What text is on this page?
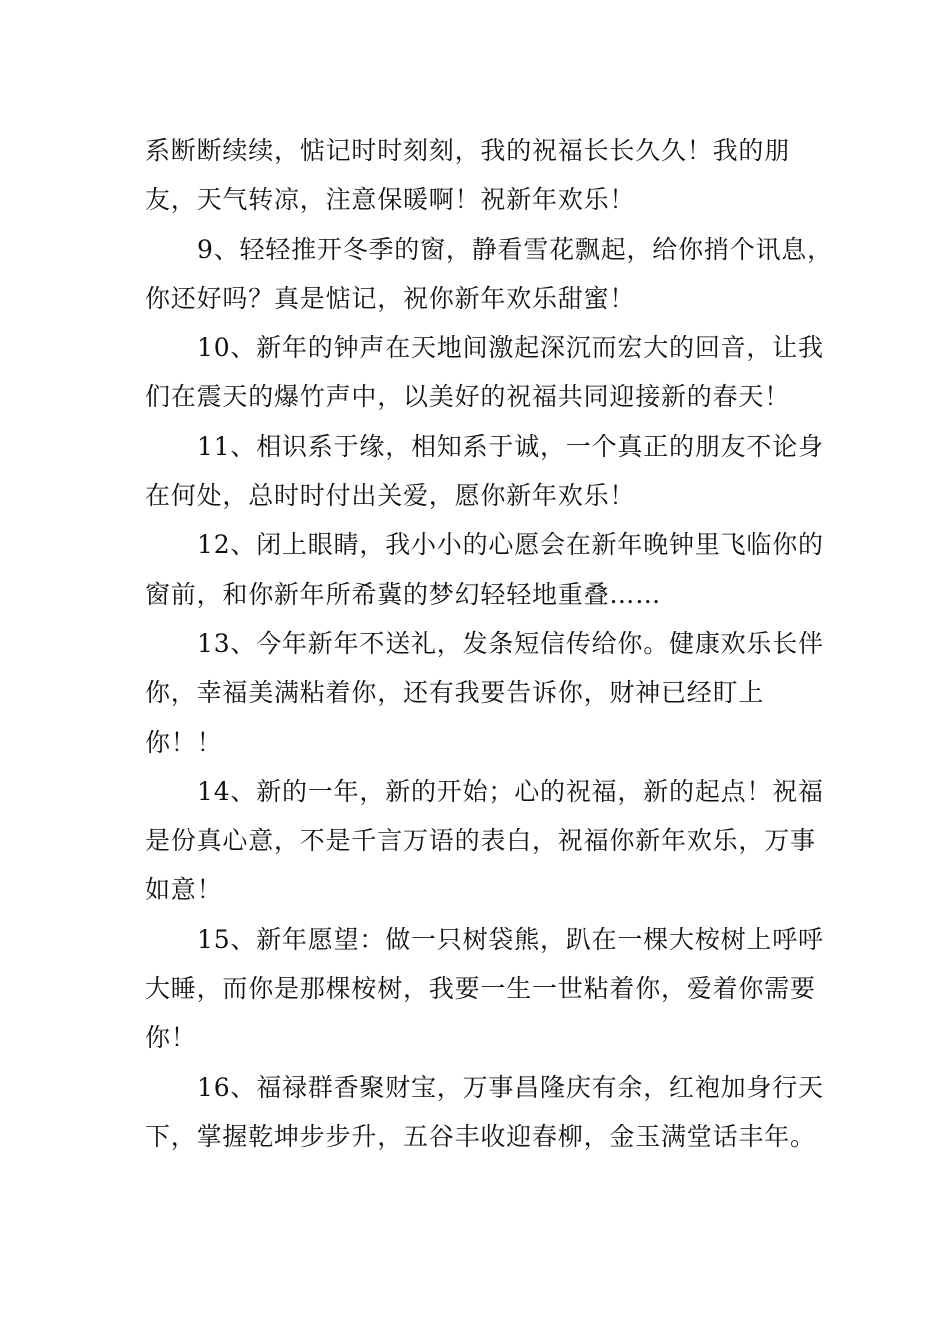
系断断续续，惦记时时刻刻，我的祝福长长久久！我的朋友，天气转凉，注意保暖啊！祝新年欢乐！

9、轻轻推开冬季的窗，静看雪花飘起，给你捎个讯息，你还好吗？真是惦记，祝你新年欢乐甜蜜！

10、新年的钟声在天地间激起深沉而宏大的回音，让我们在震天的爆竹声中，以美好的祝福共同迎接新的春天！

11、相识系于缘，相知系于诚，一个真正的朋友不论身在何处，总时时付出关爱，愿你新年欢乐！

12、闭上眼睛，我小小的心愿会在新年晚钟里飞临你的窗前，和你新年所希冀的梦幻轻轻地重叠……

13、今年新年不送礼，发条短信传给你。健康欢乐长伴你，幸福美满粘着你，还有我要告诉你，财神已经盯上你！！

14、新的一年，新的开始；心的祝福，新的起点！祝福是份真心意，不是千言万语的表白，祝福你新年欢乐，万事如意！

15、新年愿望：做一只树袋熊，趴在一棵大桉树上呼呼大睡，而你是那棵桉树，我要一生一世粘着你，爱着你需要你！

16、福禄群香聚财宝，万事昌隆庆有余，红袍加身行天下，掌握乾坤步步升，五谷丰收迎春柳，金玉满堂话丰年。
